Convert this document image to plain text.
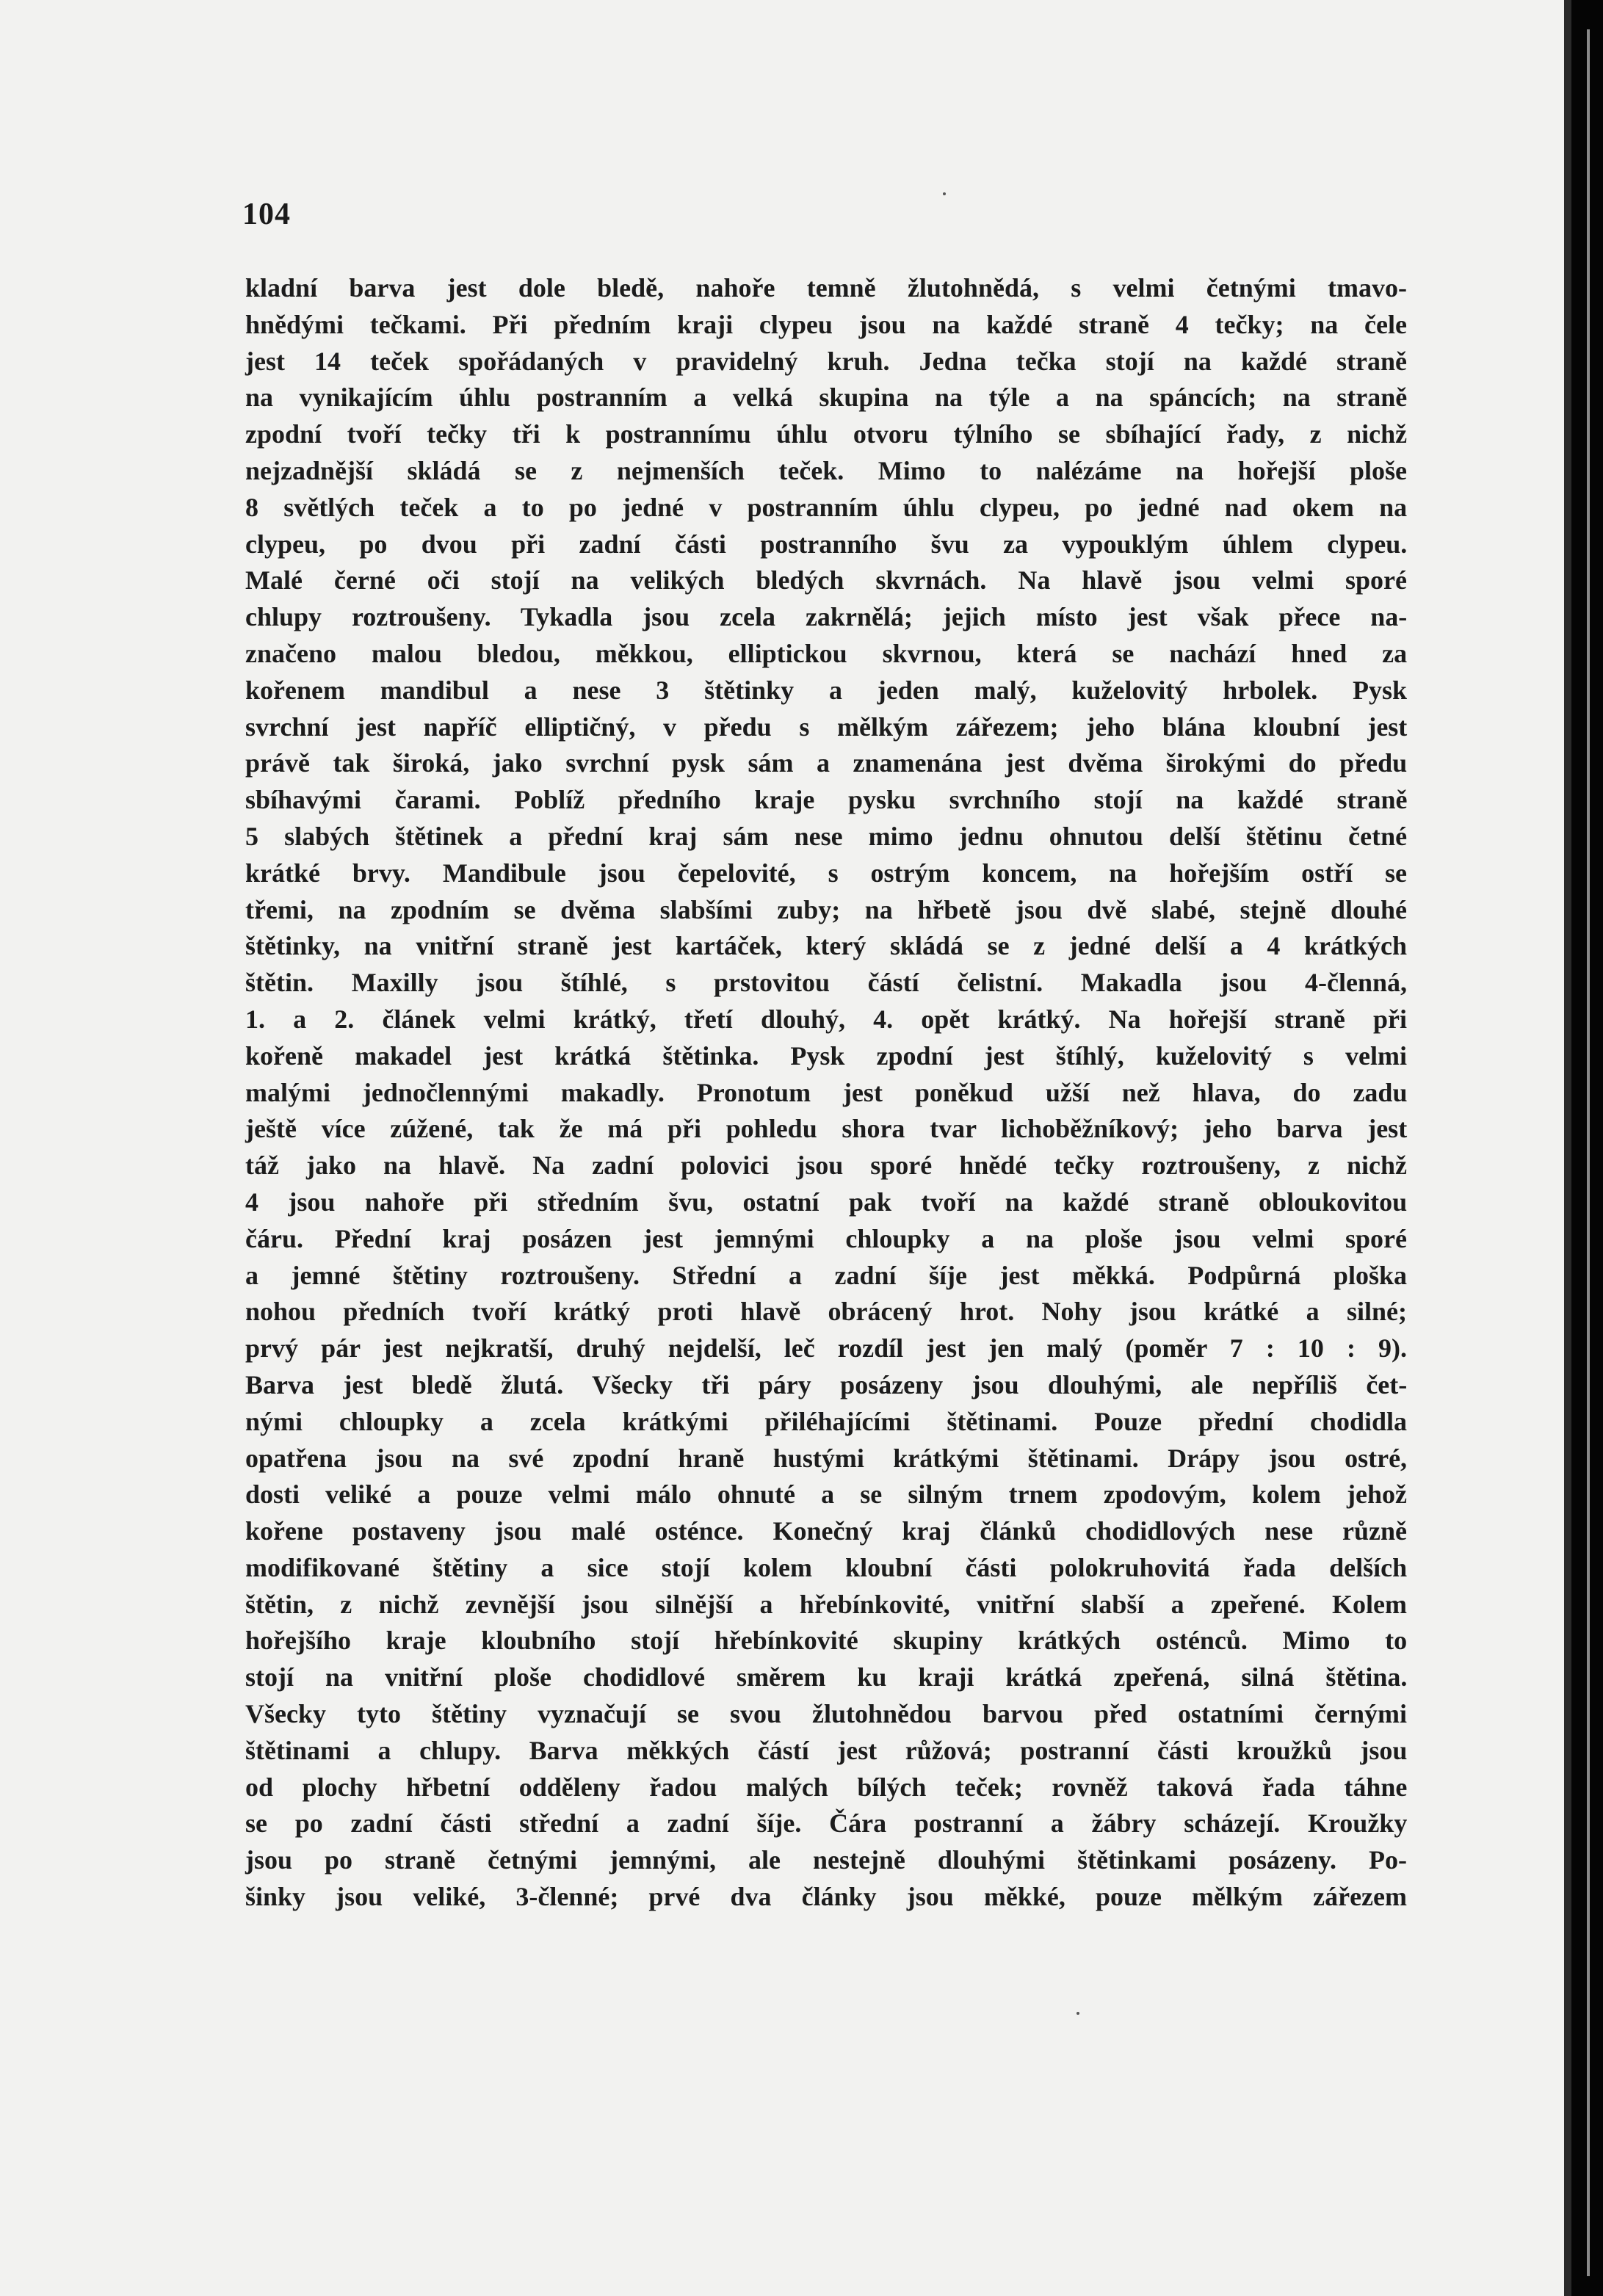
104
kladní barva jest dole bledě, nahoře temně žlutohnědá, s velmi četnými tmavo-
hnědými tečkami. Při předním kraji clypeu jsou na každé straně 4 tečky; na čele
jest 14 teček spořádaných v pravidelný kruh. Jedna tečka stojí na každé straně
na vynikajícím úhlu postranním a velká skupina na týle a na spáncích; na straně
zpodní tvoří tečky tři k postrannímu úhlu otvoru týlního se sbíhající řady, z nichž
nejzadnější skládá se z nejmenších teček. Mimo to nalézáme na hořejší ploše
8 světlých teček a to po jedné v postranním úhlu clypeu, po jedné nad okem na
clypeu, po dvou při zadní části postranního švu za vypouklým úhlem clypeu.
Malé černé oči stojí na velikých bledých skvrnách. Na hlavě jsou velmi sporé
chlupy roztroušeny. Tykadla jsou zcela zakrnělá; jejich místo jest však přece na-
značeno malou bledou, měkkou, elliptickou skvrnou, která se nachází hned za
kořenem mandibul a nese 3 štětinky a jeden malý, kuželovitý hrbolek. Pysk
svrchní jest napříč elliptičný, v předu s mělkým zářezem; jeho blána kloubní jest
právě tak široká, jako svrchní pysk sám a znamenána jest dvěma širokými do předu
sbíhavými čarami. Poblíž předního kraje pysku svrchního stojí na každé straně
5 slabých štětinek a přední kraj sám nese mimo jednu ohnutou delší štětinu četné
krátké brvy. Mandibule jsou čepelovité, s ostrým koncem, na hořejším ostří se
třemi, na zpodním se dvěma slabšími zuby; na hřbetě jsou dvě slabé, stejně dlouhé
štětinky, na vnitřní straně jest kartáček, který skládá se z jedné delší a 4 krátkých
štětin. Maxilly jsou štíhlé, s prstovitou částí čelistní. Makadla jsou 4-členná,
1. a 2. článek velmi krátký, třetí dlouhý, 4. opět krátký. Na hořejší straně při
kořeně makadel jest krátká štětinka. Pysk zpodní jest štíhlý, kuželovitý s velmi
malými jednočlennými makadly. Pronotum jest poněkud užší než hlava, do zadu
ještě více zúžené, tak že má při pohledu shora tvar lichoběžníkový; jeho barva jest
táž jako na hlavě. Na zadní polovici jsou sporé hnědé tečky roztroušeny, z nichž
4 jsou nahoře při středním švu, ostatní pak tvoří na každé straně obloukovitou
čáru. Přední kraj posázen jest jemnými chloupky a na ploše jsou velmi sporé
a jemné štětiny roztroušeny. Střední a zadní šíje jest měkká. Podpůrná ploška
nohou předních tvoří krátký proti hlavě obrácený hrot. Nohy jsou krátké a silné;
prvý pár jest nejkratší, druhý nejdelší, leč rozdíl jest jen malý (poměr 7 : 10 : 9).
Barva jest bledě žlutá. Všecky tři páry posázeny jsou dlouhými, ale nepříliš čet-
nými chloupky a zcela krátkými přiléhajícími štětinami. Pouze přední chodidla
opatřena jsou na své zpodní hraně hustými krátkými štětinami. Drápy jsou ostré,
dosti veliké a pouze velmi málo ohnuté a se silným trnem zpodovým, kolem jehož
kořene postaveny jsou malé osténce. Konečný kraj článků chodidlových nese různě
modifikované štětiny a sice stojí kolem kloubní části polokruhovitá řada delších
štětin, z nichž zevnější jsou silnější a hřebínkovité, vnitřní slabší a zpeřené. Kolem
hořejšího kraje kloubního stojí hřebínkovité skupiny krátkých osténců. Mimo to
stojí na vnitřní ploše chodidlové směrem ku kraji krátká zpeřená, silná štětina.
Všecky tyto štětiny vyznačují se svou žlutohnědou barvou před ostatními černými
štětinami a chlupy. Barva měkkých částí jest růžová; postranní části kroužků jsou
od plochy hřbetní odděleny řadou malých bílých teček; rovněž taková řada táhne
se po zadní části střední a zadní šíje. Čára postranní a žábry scházejí. Kroužky
jsou po straně četnými jemnými, ale nestejně dlouhými štětinkami posázeny. Po-
šinky jsou veliké, 3-členné; prvé dva články jsou měkké, pouze mělkým zářezem
